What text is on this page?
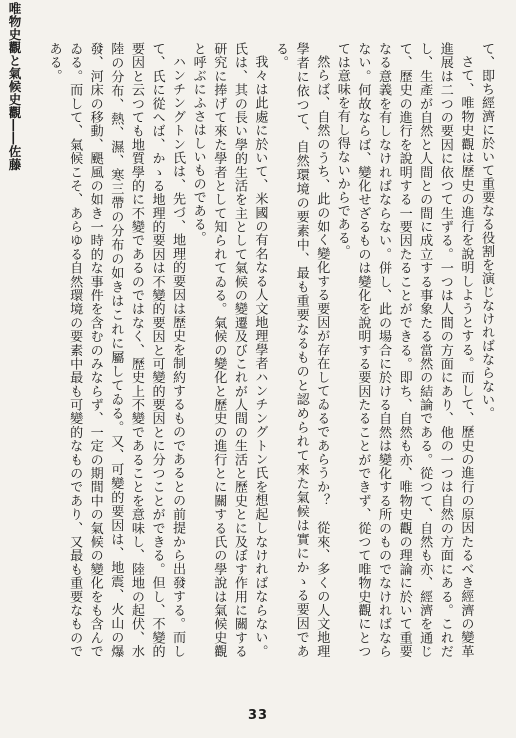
唯物史觀と氣候史觀――佐藤	て、即ち經濟に於いて重要なる役割を演じなければならない。

さて、唯物史觀は歷史の進行を說明しようとする。而して、歷史の進行の原因たるべき經濟の變革進展は二つの要因に依つて生ずる。一つは人間の方面にあり、他の一つは自然の方面にある。これだし、生產が自然と人間との間に成立する事象たる當然の結論である。從つて、自然も亦、經濟を通じて、歷史の進行を說明する一要因たることができる。即ち、自然も亦、唯物史觀の理論に於いて重要なる意義を有しなければならない。併し、此の場合に於ける自然は變化する所のものでなければならない。何故ならば、變化せざるものは變化を說明する要因たることができず、從つて唯物史觀にとつては意味を有し得ないからである。

然らば、自然のうち、此の如く變化する要因が存在してゐるであらうか？　從來、多くの人文地理學者に依つて、自然環境の要素中、最も重要なるものと認められて來た氣候は實にかゝる要因である。

我々は此處に於いて、米國の有名なる人文地理學者ハンチングトン氏を想起しなければならない。氏は、其の長い學的生活を主として氣候の變遷及びこれが人間の生活と歷史とに及ぼす作用に關する研究に捧げて來た學者として知られてゐる。氣候の變化と歷史の進行とに關する氏の學說は氣候史觀と呼ぶにふさはしいものである。

ハンチングトン氏は、先づ、地理的要因は歷史を制約するものであるとの前提から出發する。而して、氏に從へば、かゝる地理的要因は不變的要因と可變的要因とに分つことができる。但し、不變的要因と云つても地質學的に不變であるのではなく、歷史上不變であることを意味し、陸地の起伏、水陸の分布、熱、濕、寒三帶の分布の如きはこれに屬してゐる。又、可變的要因は、地震、火山の爆發、河床の移動、颶風の如き一時的な事件を含むのみならず、一定の期間中の氣候の變化をも含んでゐる。而して、氣候こそ、あらゆる自然環境の要素中最も可變的なものであり、又最も重要なものである。

33
